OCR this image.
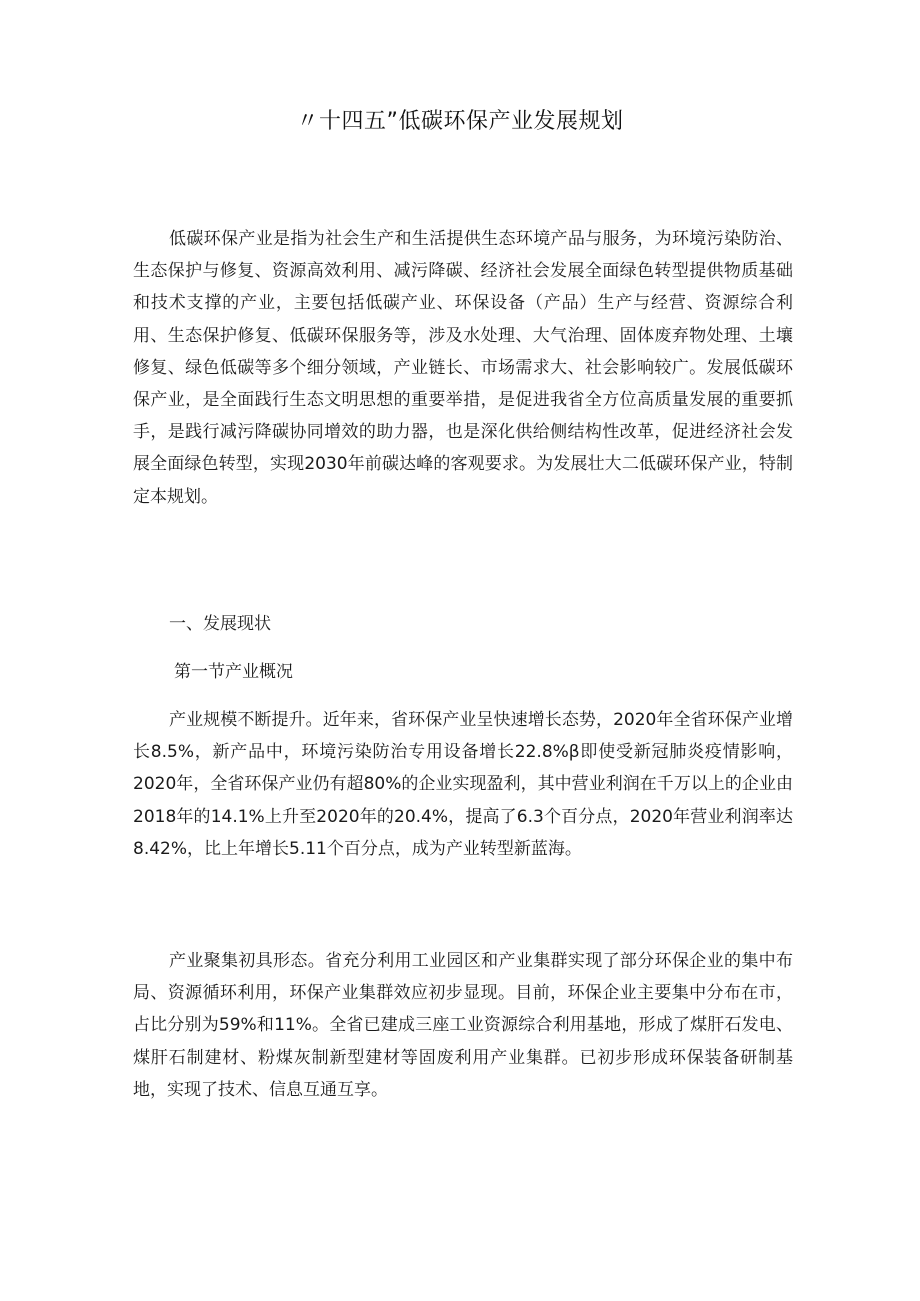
〃十四五”低碳环保产业发展规划

低碳环保产业是指为社会生产和生活提供生态环境产品与服务，为环境污染防治、生态保护与修复、资源高效利用、减污降碳、经济社会发展全面绿色转型提供物质基础和技术支撑的产业，主要包括低碳产业、环保设备（产品）生产与经营、资源综合利用、生态保护修复、低碳环保服务等，涉及水处理、大气治理、固体废弃物处理、土壤修复、绿色低碳等多个细分领域，产业链长、市场需求大、社会影响较广。发展低碳环保产业，是全面践行生态文明思想的重要举措，是促进我省全方位高质量发展的重要抓手，是践行减污降碳协同增效的助力器，也是深化供给侧结构性改革，促进经济社会发展全面绿色转型，实现2030年前碳达峰的客观要求。为发展壮大二低碳环保产业，特制定本规划。

一、发展现状

第一节产业概况

产业规模不断提升。近年来，省环保产业呈快速增长态势，2020年全省环保产业增长8.5%，新产品中，环境污染防治专用设备增长22.8%β即使受新冠肺炎疫情影响，2020年，全省环保产业仍有超80%的企业实现盈利，其中营业利润在千万以上的企业由2018年的14.1%上升至2020年的20.4%，提高了6.3个百分点，2020年营业利润率达8.42%，比上年增长5.11个百分点，成为产业转型新蓝海。

产业聚集初具形态。省充分利用工业园区和产业集群实现了部分环保企业的集中布局、资源循环利用，环保产业集群效应初步显现。目前，环保企业主要集中分布在市，占比分别为59%和11%。全省已建成三座工业资源综合利用基地，形成了煤肝石发电、煤肝石制建材、粉煤灰制新型建材等固废利用产业集群。已初步形成环保装备研制基地，实现了技术、信息互通互享。
